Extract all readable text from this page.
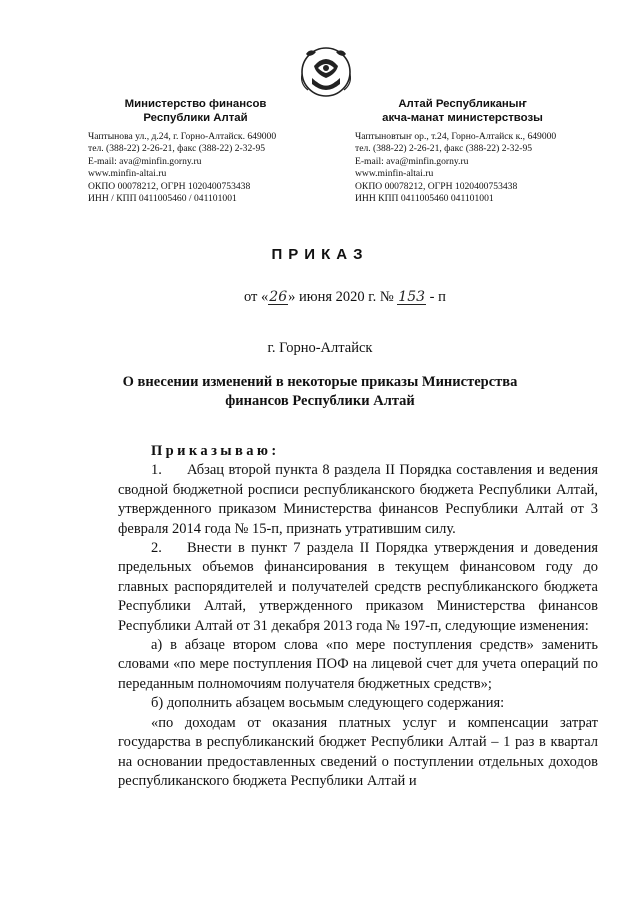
Министерство финансов
Республики Алтай
Чаптынова ул., д.24, г. Горно-Алтайск. 649000
тел. (388-22) 2-26-21, факс (388-22) 2-32-95
E-mail: ava@minfin.gorny.ru
www.minfin-altai.ru
ОКПО 00078212, ОГРН 1020400753438
ИНН / КПП 0411005460 / 041101001
Алтай Республиканыҥ
акча-манат министерствозы
Чаптыновтыҥ ор., т.24, Горно-Алтайск к., 649000
тел. (388-22) 2-26-21, факс (388-22) 2-32-95
E-mail: ava@minfin.gorny.ru
www.minfin-altai.ru
ОКПО 00078212, ОГРН 1020400753438
ИНН КПП 0411005460 041101001
ПРИКАЗ
от «26» июня 2020 г. № 153 - п
г. Горно-Алтайск
О внесении изменений в некоторые приказы Министерства финансов Республики Алтай
Приказываю:

1. Абзац второй пункта 8 раздела II Порядка составления и ведения сводной бюджетной росписи республиканского бюджета Республики Алтай, утвержденного приказом Министерства финансов Республики Алтай от 3 февраля 2014 года № 15-п, признать утратившим силу.

2. Внести в пункт 7 раздела II Порядка утверждения и доведения предельных объемов финансирования в текущем финансовом году до главных распорядителей и получателей средств республиканского бюджета Республики Алтай, утвержденного приказом Министерства финансов Республики Алтай от 31 декабря 2013 года № 197-п, следующие изменения:

а) в абзаце втором слова «по мере поступления средств» заменить словами «по мере поступления ПОФ на лицевой счет для учета операций по переданным полномочиям получателя бюджетных средств»;

б) дополнить абзацем восьмым следующего содержания:

«по доходам от оказания платных услуг и компенсации затрат государства в республиканский бюджет Республики Алтай – 1 раз в квартал на основании предоставленных сведений о поступлении отдельных доходов республиканского бюджета Республики Алтай и
